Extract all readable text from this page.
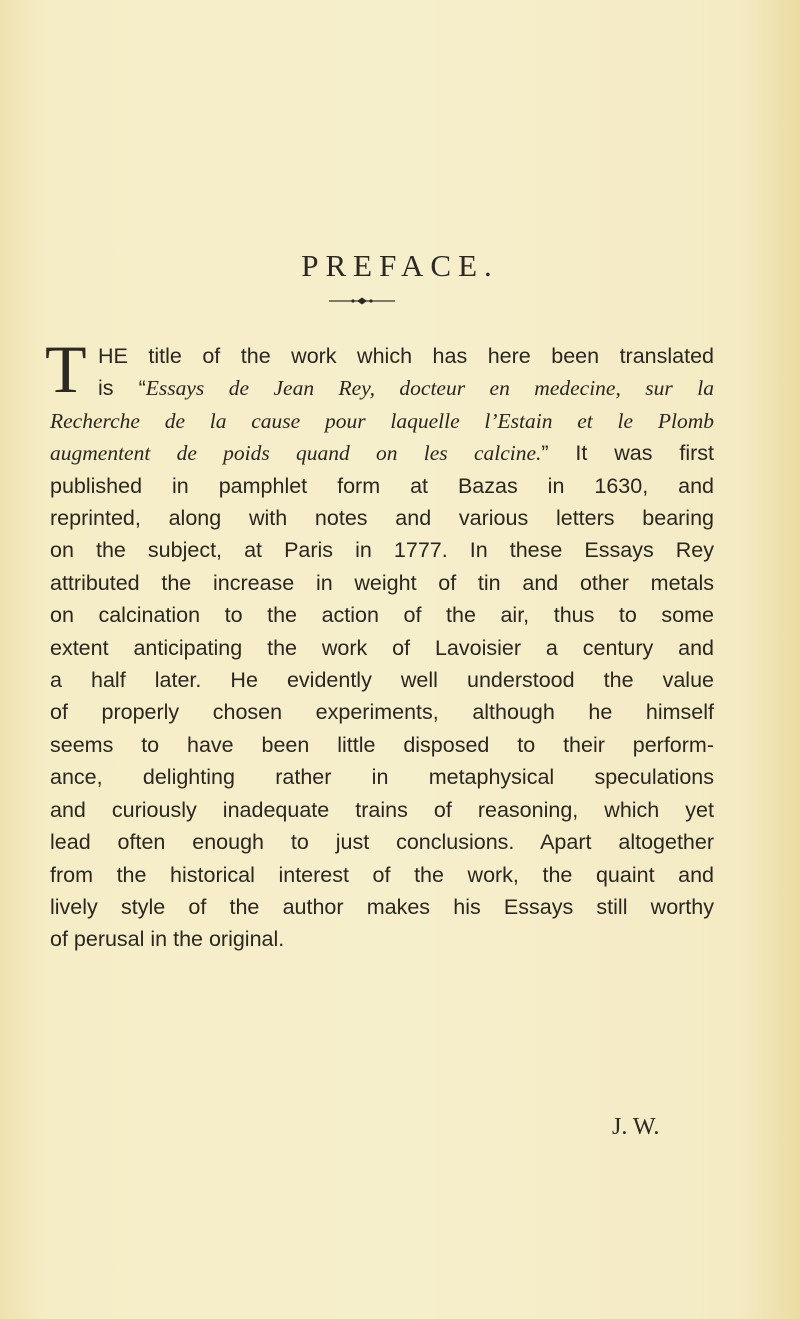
PREFACE.
T HE title of the work which has here been translated
is “Essays de Jean Rey, docteur en medecine, sur la
Recherche de la cause pour laquelle l’Estain et le Plomb
augmentent de poids quand on les calcine.” It was first
published in pamphlet form at Bazas in 1630, and
reprinted, along with notes and various letters bearing
on the subject, at Paris in 1777. In these Essays Rey
attributed the increase in weight of tin and other metals
on calcination to the action of the air, thus to some
extent anticipating the work of Lavoisier a century and
a half later. He evidently well understood the value
of properly chosen experiments, although he himself
seems to have been little disposed to their perform-
ance, delighting rather in metaphysical speculations
and curiously inadequate trains of reasoning, which yet
lead often enough to just conclusions. Apart altogether
from the historical interest of the work, the quaint and
lively style of the author makes his Essays still worthy
of perusal in the original.
J. W.
